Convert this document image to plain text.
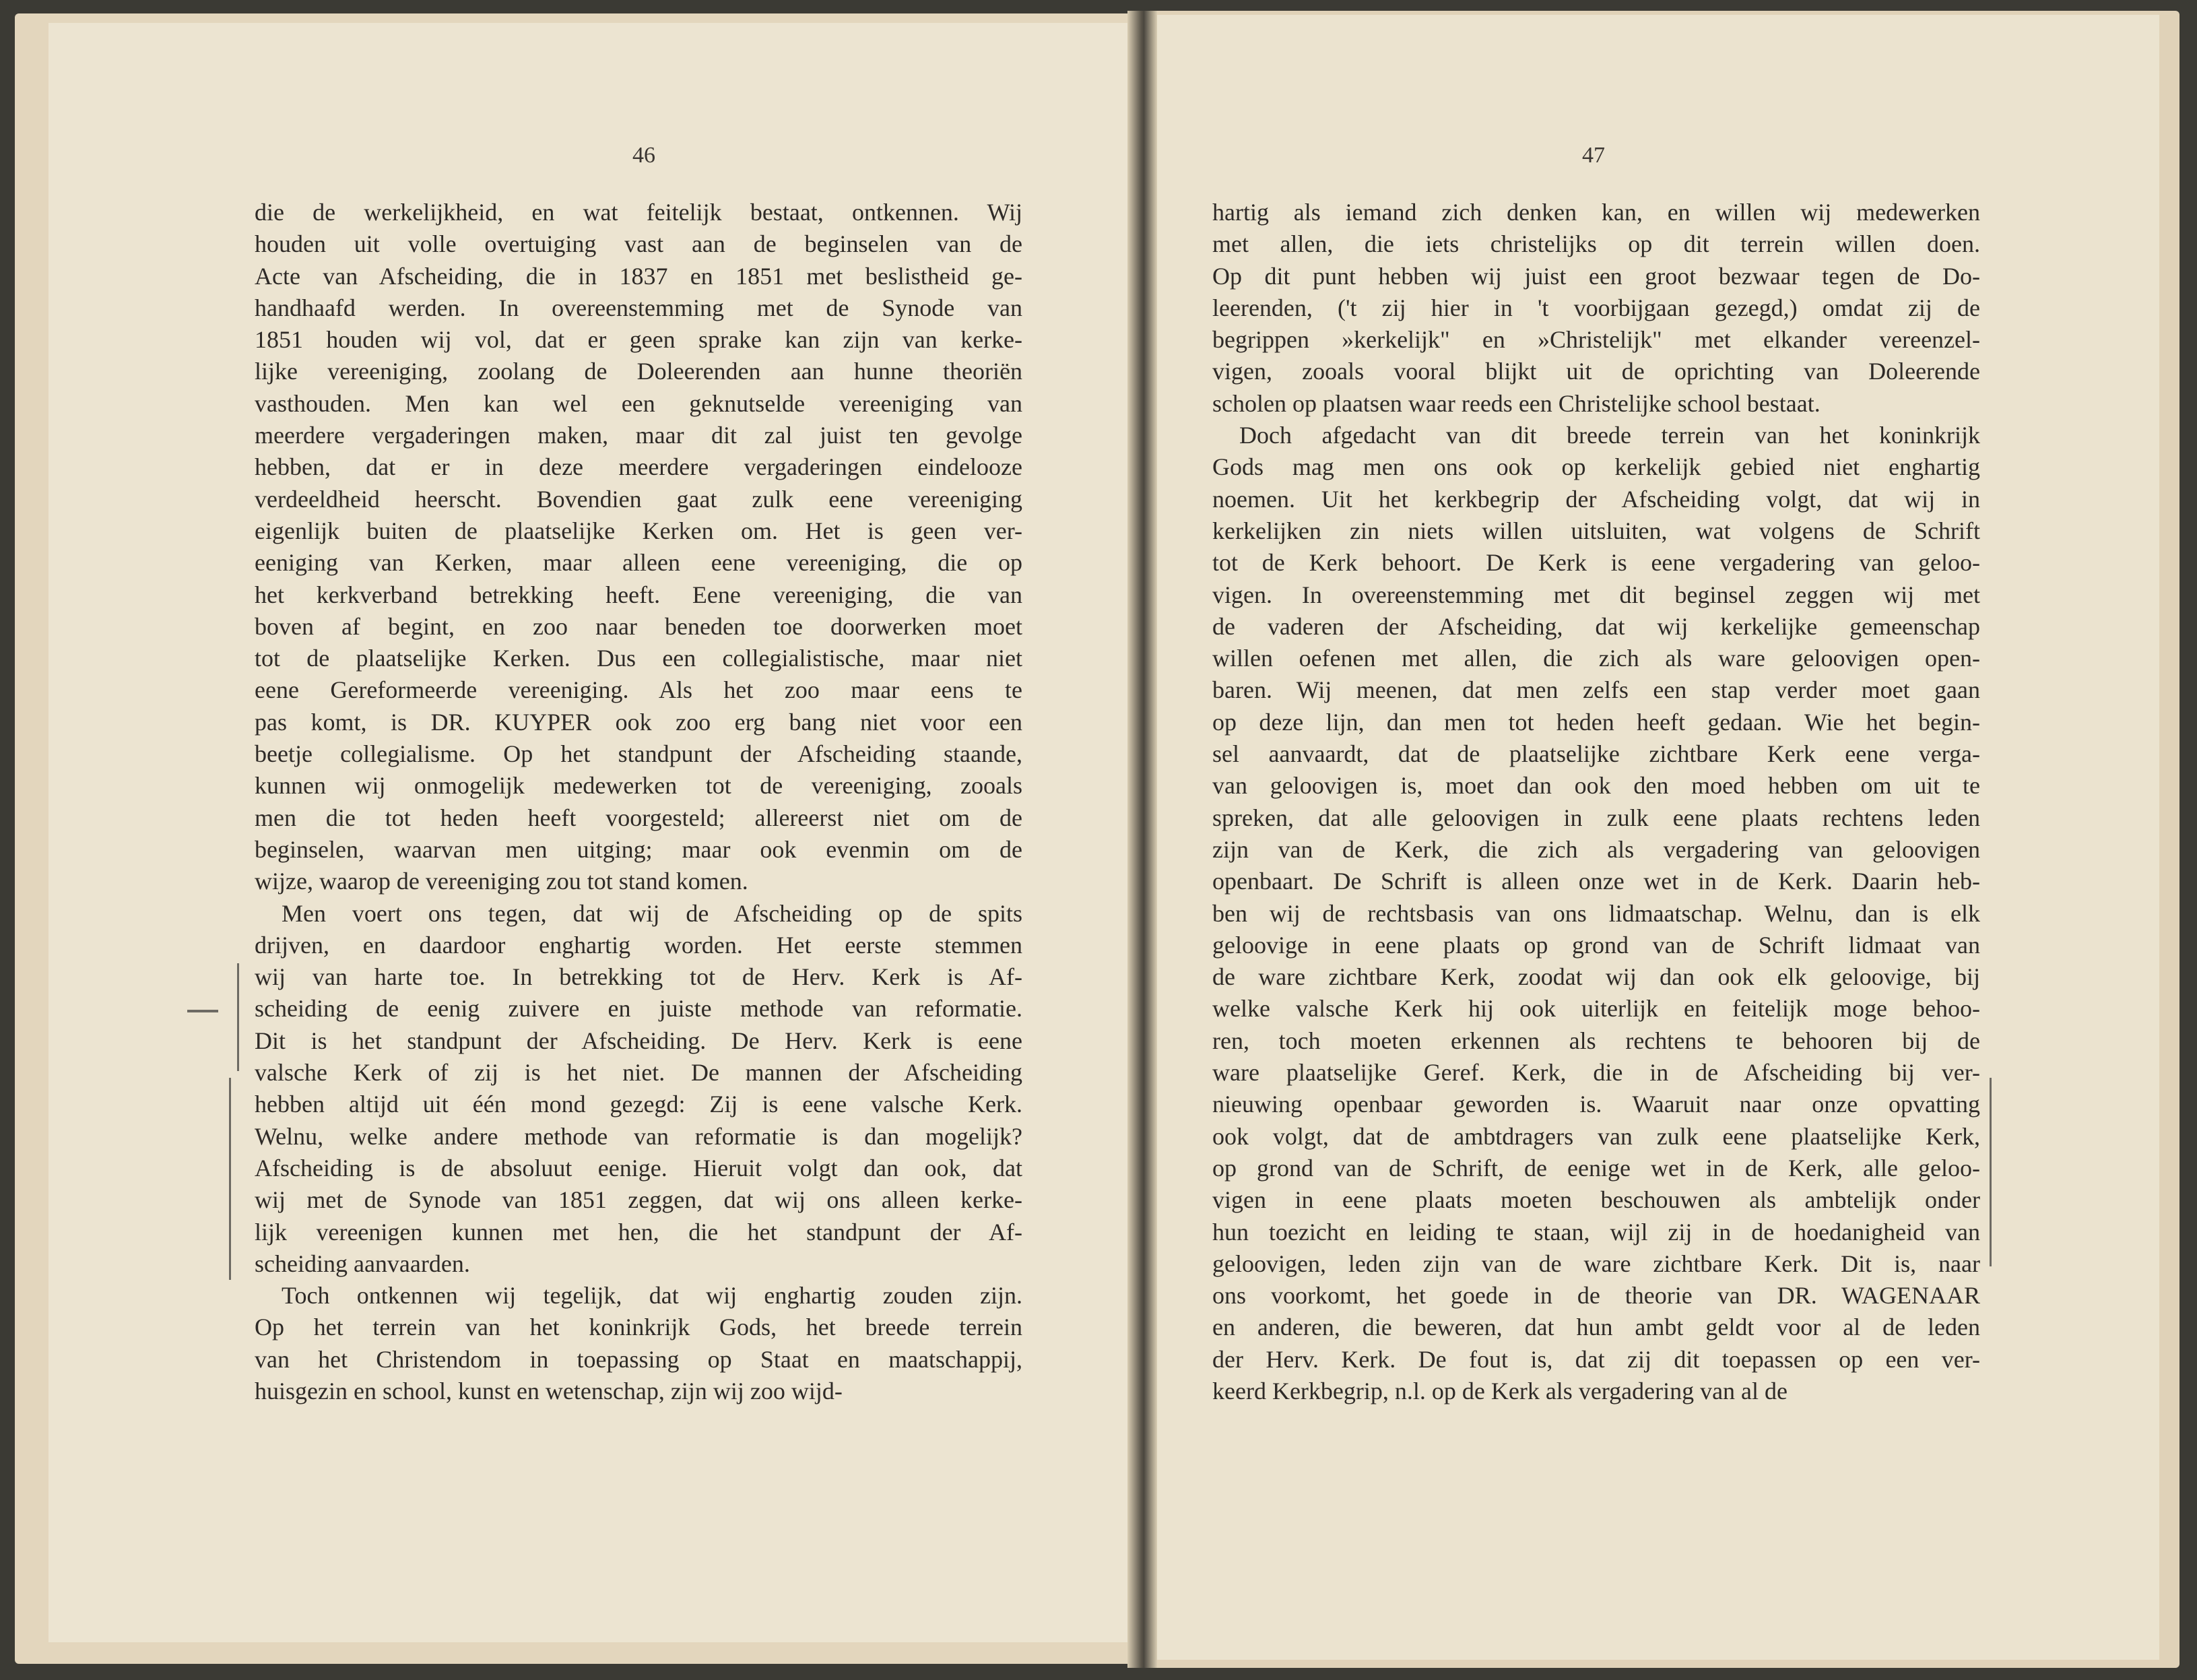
46	47
die de werkelijkheid, en wat feitelijk bestaat, ontkennen. Wij
houden uit volle overtuiging vast aan de beginselen van de
Acte van Afscheiding, die in 1837 en 1851 met beslistheid ge-
handhaafd werden. In overeenstemming met de Synode van
1851 houden wij vol, dat er geen sprake kan zijn van kerke-
lijke vereeniging, zoolang de Doleerenden aan hunne theoriën
vasthouden. Men kan wel een geknutselde vereeniging van
meerdere vergaderingen maken, maar dit zal juist ten gevolge
hebben, dat er in deze meerdere vergaderingen eindelooze
verdeeldheid heerscht. Bovendien gaat zulk eene vereeniging
eigenlijk buiten de plaatselijke Kerken om. Het is geen ver-
eeniging van Kerken, maar alleen eene vereeniging, die op
het kerkverband betrekking heeft. Eene vereeniging, die van
boven af begint, en zoo naar beneden toe doorwerken moet
tot de plaatselijke Kerken. Dus een collegialistische, maar niet
eene Gereformeerde vereeniging. Als het zoo maar eens te
pas komt, is DR. KUYPER ook zoo erg bang niet voor een
beetje collegialisme. Op het standpunt der Afscheiding staande,
kunnen wij onmogelijk medewerken tot de vereeniging, zooals
men die tot heden heeft voorgesteld; allereerst niet om de
beginselen, waarvan men uitging; maar ook evenmin om de
wijze, waarop de vereeniging zou tot stand komen.
Men voert ons tegen, dat wij de Afscheiding op de spits
drijven, en daardoor enghartig worden. Het eerste stemmen
wij van harte toe. In betrekking tot de Herv. Kerk is Af-
scheiding de eenig zuivere en juiste methode van reformatie.
Dit is het standpunt der Afscheiding. De Herv. Kerk is eene
valsche Kerk of zij is het niet. De mannen der Afscheiding
hebben altijd uit één mond gezegd: Zij is eene valsche Kerk.
Welnu, welke andere methode van reformatie is dan mogelijk?
Afscheiding is de absoluut eenige. Hieruit volgt dan ook, dat
wij met de Synode van 1851 zeggen, dat wij ons alleen kerke-
lijk vereenigen kunnen met hen, die het standpunt der Af-
scheiding aanvaarden.
Toch ontkennen wij tegelijk, dat wij enghartig zouden zijn.
Op het terrein van het koninkrijk Gods, het breede terrein
van het Christendom in toepassing op Staat en maatschappij,
huisgezin en school, kunst en wetenschap, zijn wij zoo wijd-
hartig als iemand zich denken kan, en willen wij medewerken
met allen, die iets christelijks op dit terrein willen doen.
Op dit punt hebben wij juist een groot bezwaar tegen de Do-
leerenden, ('t zij hier in 't voorbijgaan gezegd,) omdat zij de
begrippen »kerkelijk" en »Christelijk" met elkander vereenzel-
vigen, zooals vooral blijkt uit de oprichting van Doleerende
scholen op plaatsen waar reeds een Christelijke school bestaat.
Doch afgedacht van dit breede terrein van het koninkrijk
Gods mag men ons ook op kerkelijk gebied niet enghartig
noemen. Uit het kerkbegrip der Afscheiding volgt, dat wij in
kerkelijken zin niets willen uitsluiten, wat volgens de Schrift
tot de Kerk behoort. De Kerk is eene vergadering van geloo-
vigen. In overeenstemming met dit beginsel zeggen wij met
de vaderen der Afscheiding, dat wij kerkelijke gemeenschap
willen oefenen met allen, die zich als ware geloovigen open-
baren. Wij meenen, dat men zelfs een stap verder moet gaan
op deze lijn, dan men tot heden heeft gedaan. Wie het begin-
sel aanvaardt, dat de plaatselijke zichtbare Kerk eene verga-
van geloovigen is, moet dan ook den moed hebben om uit te
spreken, dat alle geloovigen in zulk eene plaats rechtens leden
zijn van de Kerk, die zich als vergadering van geloovigen
openbaart. De Schrift is alleen onze wet in de Kerk. Daarin heb-
ben wij de rechtsbasis van ons lidmaatschap. Welnu, dan is elk
geloovige in eene plaats op grond van de Schrift lidmaat van
de ware zichtbare Kerk, zoodat wij dan ook elk geloovige, bij
welke valsche Kerk hij ook uiterlijk en feitelijk moge behoo-
ren, toch moeten erkennen als rechtens te behooren bij de
ware plaatselijke Geref. Kerk, die in de Afscheiding bij ver-
nieuwing openbaar geworden is. Waaruit naar onze opvatting
ook volgt, dat de ambtdragers van zulk eene plaatselijke Kerk,
op grond van de Schrift, de eenige wet in de Kerk, alle geloo-
vigen in eene plaats moeten beschouwen als ambtelijk onder
hun toezicht en leiding te staan, wijl zij in de hoedanigheid van
geloovigen, leden zijn van de ware zichtbare Kerk. Dit is, naar
ons voorkomt, het goede in de theorie van DR. WAGENAAR
en anderen, die beweren, dat hun ambt geldt voor al de leden
der Herv. Kerk. De fout is, dat zij dit toepassen op een ver-
keerd Kerkbegrip, n.l. op de Kerk als vergadering van al de
